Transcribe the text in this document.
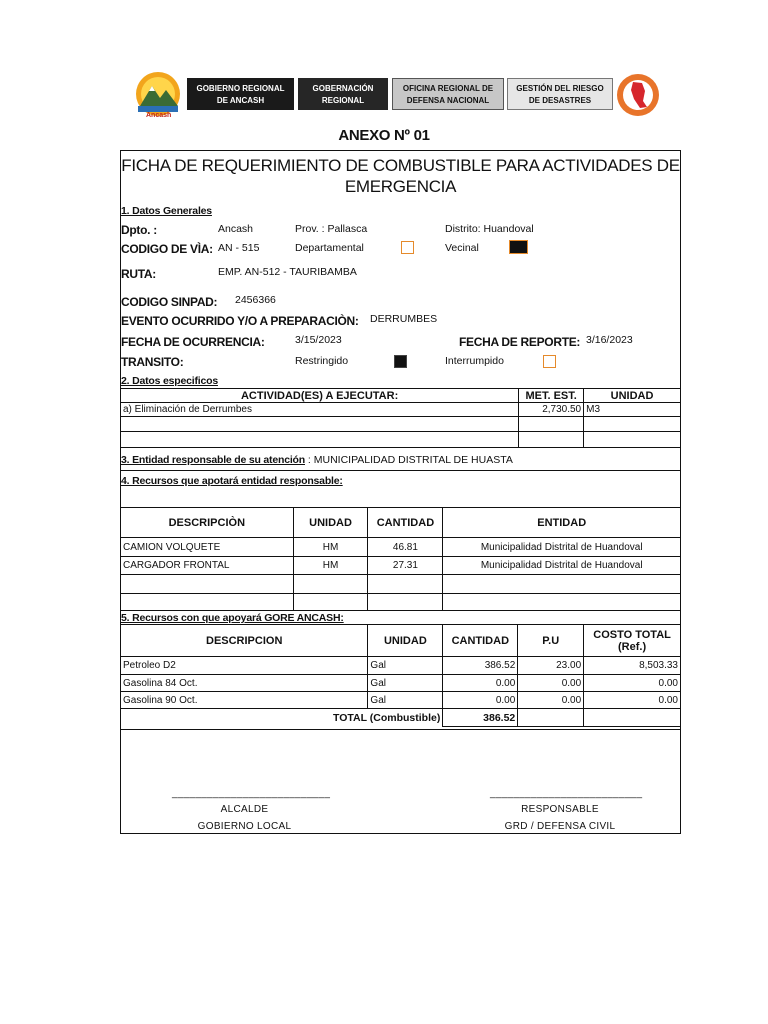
Ancash
GOBIERNO REGIONAL
DE ANCASH
GOBERNACIÓN
REGIONAL
OFICINA REGIONAL DE
DEFENSA NACIONAL
GESTIÓN DEL RIESGO
DE DESASTRES
ANEXO Nº 01
FICHA DE REQUERIMIENTO DE COMBUSTIBLE PARA ACTIVIDADES DE
EMERGENCIA
1. Datos Generales
Dpto. :	Ancash	Prov. : Pallasca	Distrito: Huandoval
CODIGO DE VÌA: AN - 515	Departamental	Vecinal
RUTA:	EMP. AN-512 - TAURIBAMBA
CODIGO SINPAD: 2456366
EVENTO OCURRIDO Y/O A PREPARACIÒN: DERRUMBES
FECHA DE OCURRENCIA:	3/15/2023	FECHA DE REPORTE: 3/16/2023
TRANSITO:	Restringido	Interrumpido
2. Datos especificos
ACTIVIDAD(ES) A EJECUTAR:	MET. EST.	UNIDAD
a) Eliminación de Derrumbes	2,730.50	M3

3. Entidad responsable de su atención : MUNICIPALIDAD DISTRITAL DE HUASTA
4. Recursos que apotará entidad responsable:
DESCRIPCIÒN	UNIDAD	CANTIDAD	ENTIDAD
CAMION VOLQUETE	HM	46.81	Municipalidad Distrital de Huandoval
CARGADOR FRONTAL	HM	27.31	Municipalidad Distrital de Huandoval

5. Recursos con que apoyará GORE ANCASH:
DESCRIPCION	UNIDAD	CANTIDAD	P.U	COSTO TOTAL
(Ref.)

Petroleo D2	Gal	386.52	23.00	8,503.33
Gasolina 84 Oct.	Gal	0.00	0.00	0.00
Gasolina 90 Oct.	Gal	0.00	0.00	0.00
TOTAL (Combustible)		386.52		
___________________________
ALCALDE
GOBIERNO LOCAL
__________________________
RESPONSABLE
GRD / DEFENSA CIVIL
